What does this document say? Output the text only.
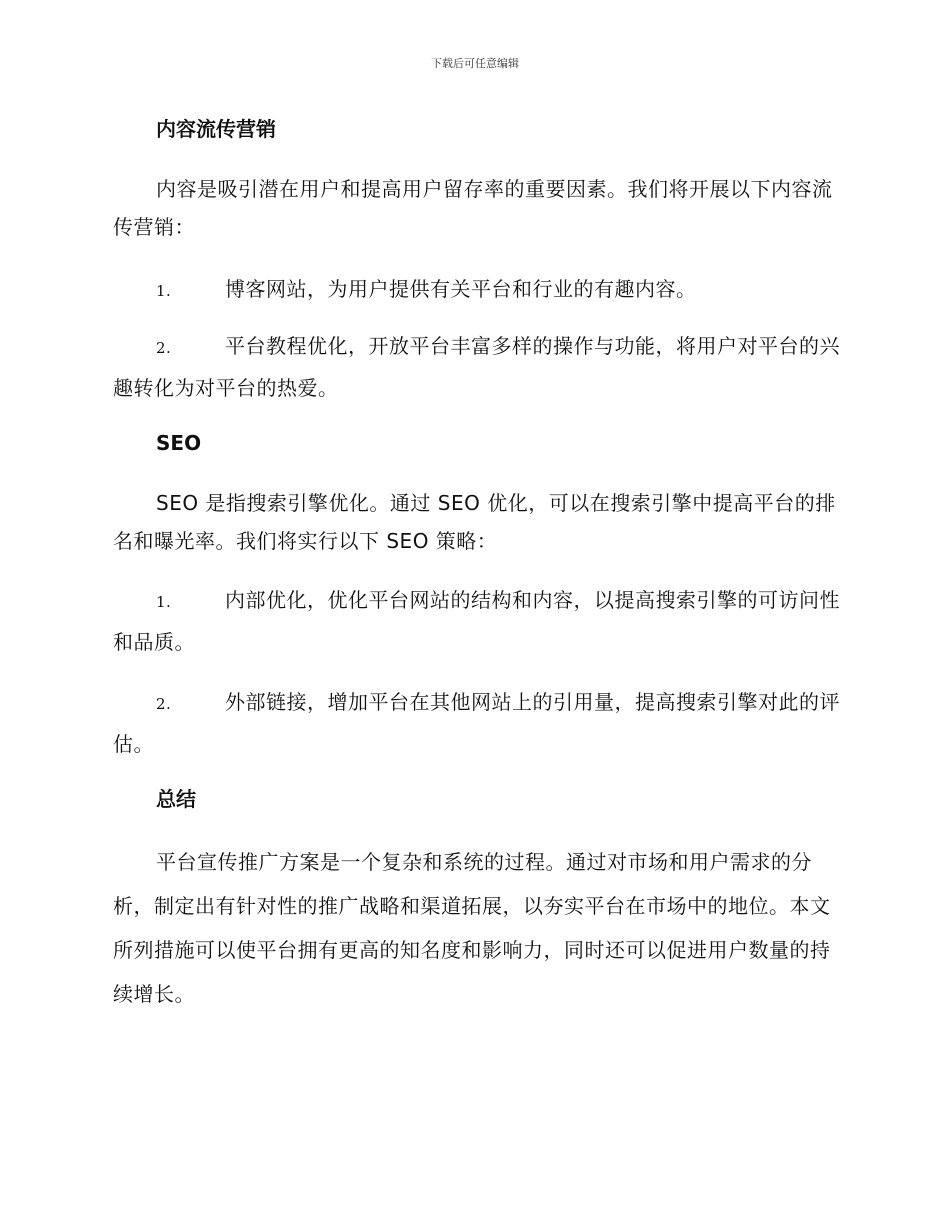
下载后可任意编辑
内容流传营销
内容是吸引潜在用户和提高用户留存率的重要因素。我们将开展以下内容流传营销：
1.	博客网站，为用户提供有关平台和行业的有趣内容。
2.	平台教程优化，开放平台丰富多样的操作与功能，将用户对平台的兴趣转化为对平台的热爱。
SEO
SEO 是指搜索引擎优化。通过 SEO 优化，可以在搜索引擎中提高平台的排名和曝光率。我们将实行以下 SEO 策略：
1.	内部优化，优化平台网站的结构和内容，以提高搜索引擎的可访问性和品质。
2.	外部链接，增加平台在其他网站上的引用量，提高搜索引擎对此的评估。
总结
平台宣传推广方案是一个复杂和系统的过程。通过对市场和用户需求的分析，制定出有针对性的推广战略和渠道拓展，以夯实平台在市场中的地位。本文所列措施可以使平台拥有更高的知名度和影响力，同时还可以促进用户数量的持续增长。
